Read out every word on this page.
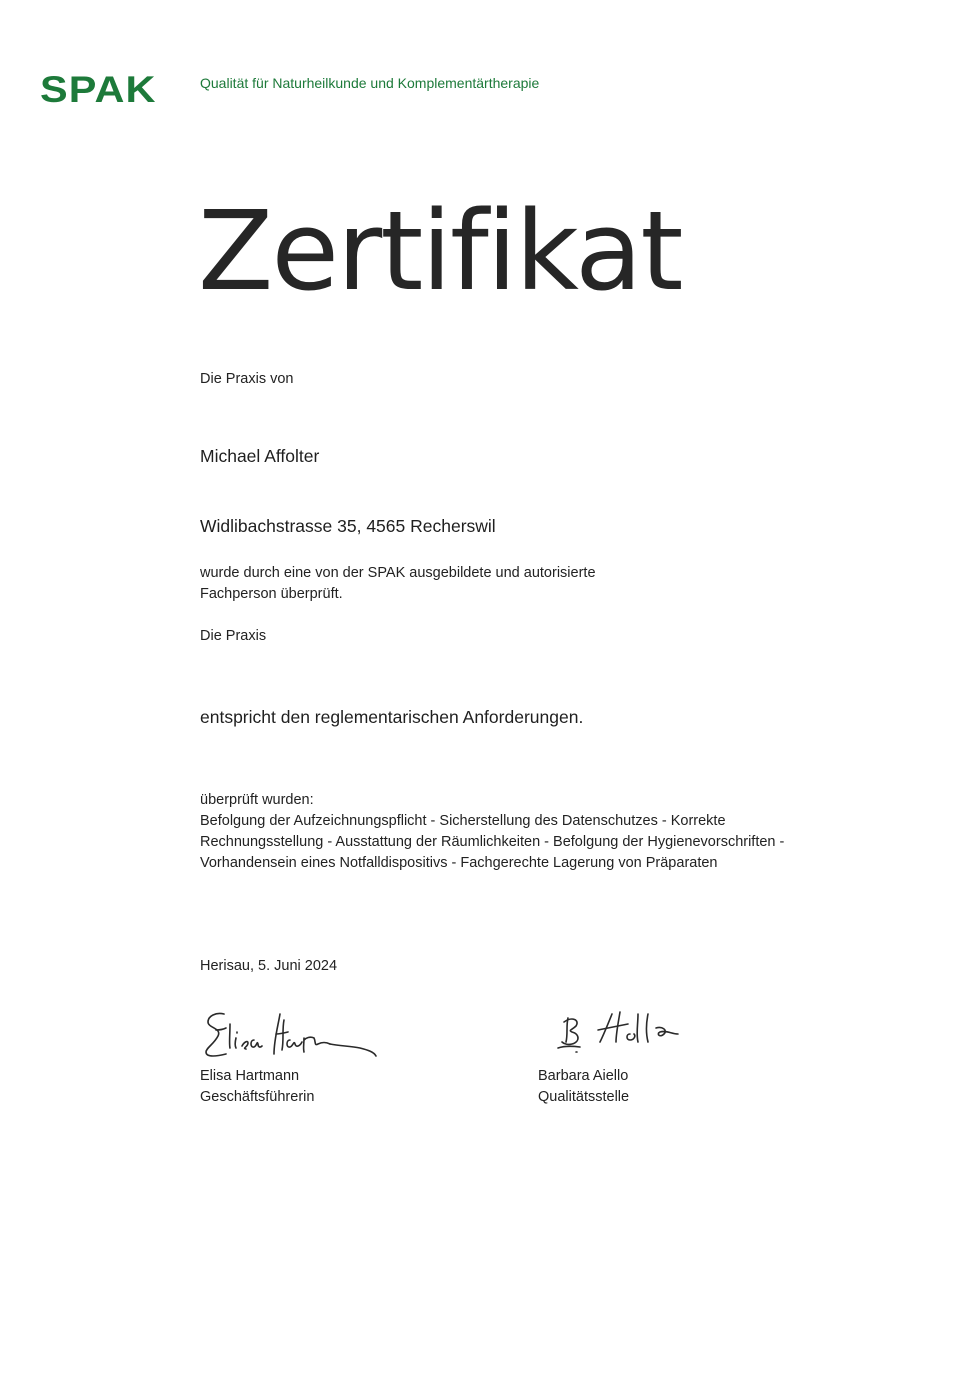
SPAK	Qualität für Naturheilkunde und Komplementärtherapie
Zertifikat
Die Praxis von
Michael Affolter
Widlibachstrasse 35, 4565 Recherswil
wurde durch eine von der SPAK ausgebildete und autorisierte Fachperson überprüft.
Die Praxis
entspricht den reglementarischen Anforderungen.
überprüft wurden:
Befolgung der Aufzeichnungspflicht - Sicherstellung des Datenschutzes - Korrekte Rechnungsstellung - Ausstattung der Räumlichkeiten - Befolgung der Hygienevorschriften - Vorhandensein eines Notfalldispositivs - Fachgerechte Lagerung von Präparaten
Herisau, 5. Juni 2024
Elisa Hartmann
Elisa Hartmann
Geschäftsführerin
B. Aiello
Barbara Aiello
Qualitätsstelle
